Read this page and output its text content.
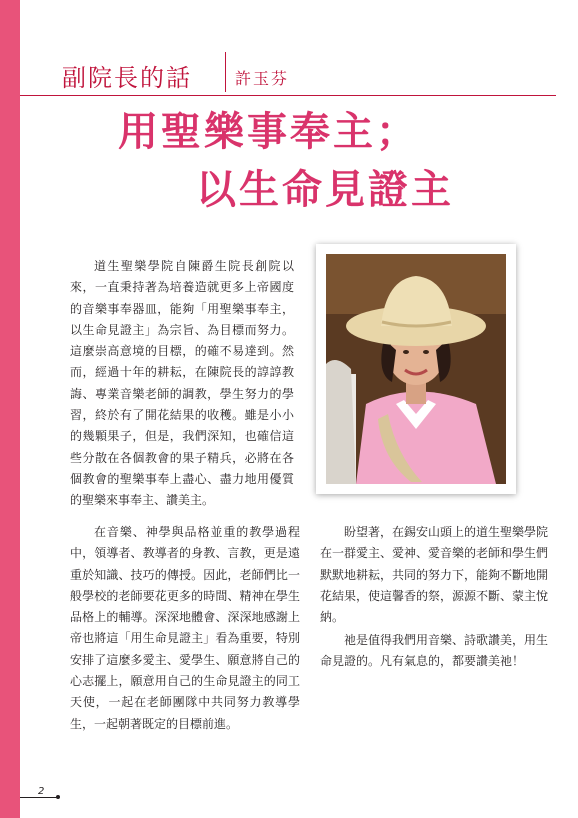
副院長的話	許玉芬
用聖樂事奉主；
以生命見證主

道生聖樂學院自陳爵生院長創院以來，一直秉持著為培養造就更多上帝國度的音樂事奉器皿，能夠「用聖樂事奉主，以生命見證主」為宗旨、為目標而努力。這麼崇高意境的目標，的確不易達到。然而，經過十年的耕耘，在陳院長的諄諄教誨、專業音樂老師的調教，學生努力的學習，終於有了開花結果的收穫。雖是小小的幾顆果子，但是，我們深知，也確信這些分散在各個教會的果子精兵，必將在各個教會的聖樂事奉上盡心、盡力地用優質的聖樂來事奉主、讚美主。

在音樂、神學與品格並重的教學過程中，領導者、教導者的身教、言教，更是遠重於知識、技巧的傳授。因此，老師們比一般學校的老師要花更多的時間、精神在學生品格上的輔導。深深地體會、深深地感謝上帝也將這「用生命見證主」看為重要，特別安排了這麼多愛主、愛學生、願意將自己的心志擺上，願意用自己的生命見證主的同工天使，一起在老師團隊中共同努力教導學生，一起朝著既定的目標前進。

盼望著，在錫安山頭上的道生聖樂學院在一群愛主、愛神、愛音樂的老師和學生們默默地耕耘，共同的努力下，能夠不斷地開花結果，使這馨香的祭，源源不斷、蒙主悅納。

祂是值得我們用音樂、詩歌讚美，用生命見證的。凡有氣息的，都要讚美祂！

2
